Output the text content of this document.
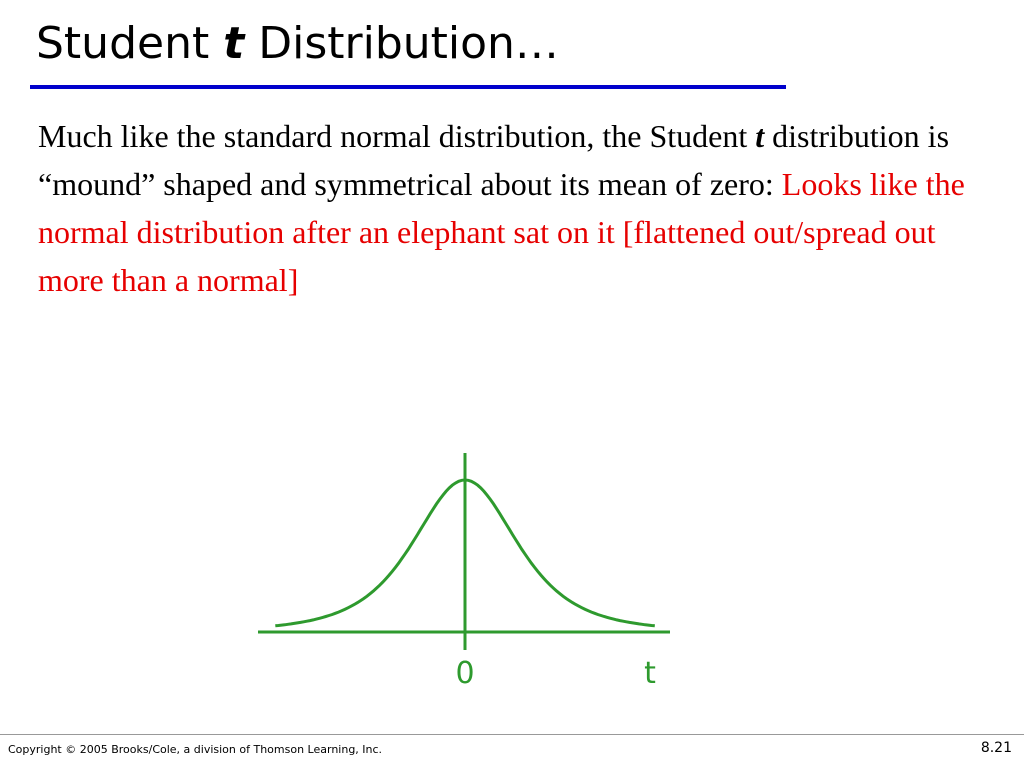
Student t Distribution…

Much like the standard normal distribution, the Student t distribution is “mound” shaped and symmetrical about its mean of zero: Looks like the normal distribution after an elephant sat on it [flattened out/spread out more than a normal]

0	t
Copyright © 2005 Brooks/Cole, a division of Thomson Learning, Inc.	8.21
